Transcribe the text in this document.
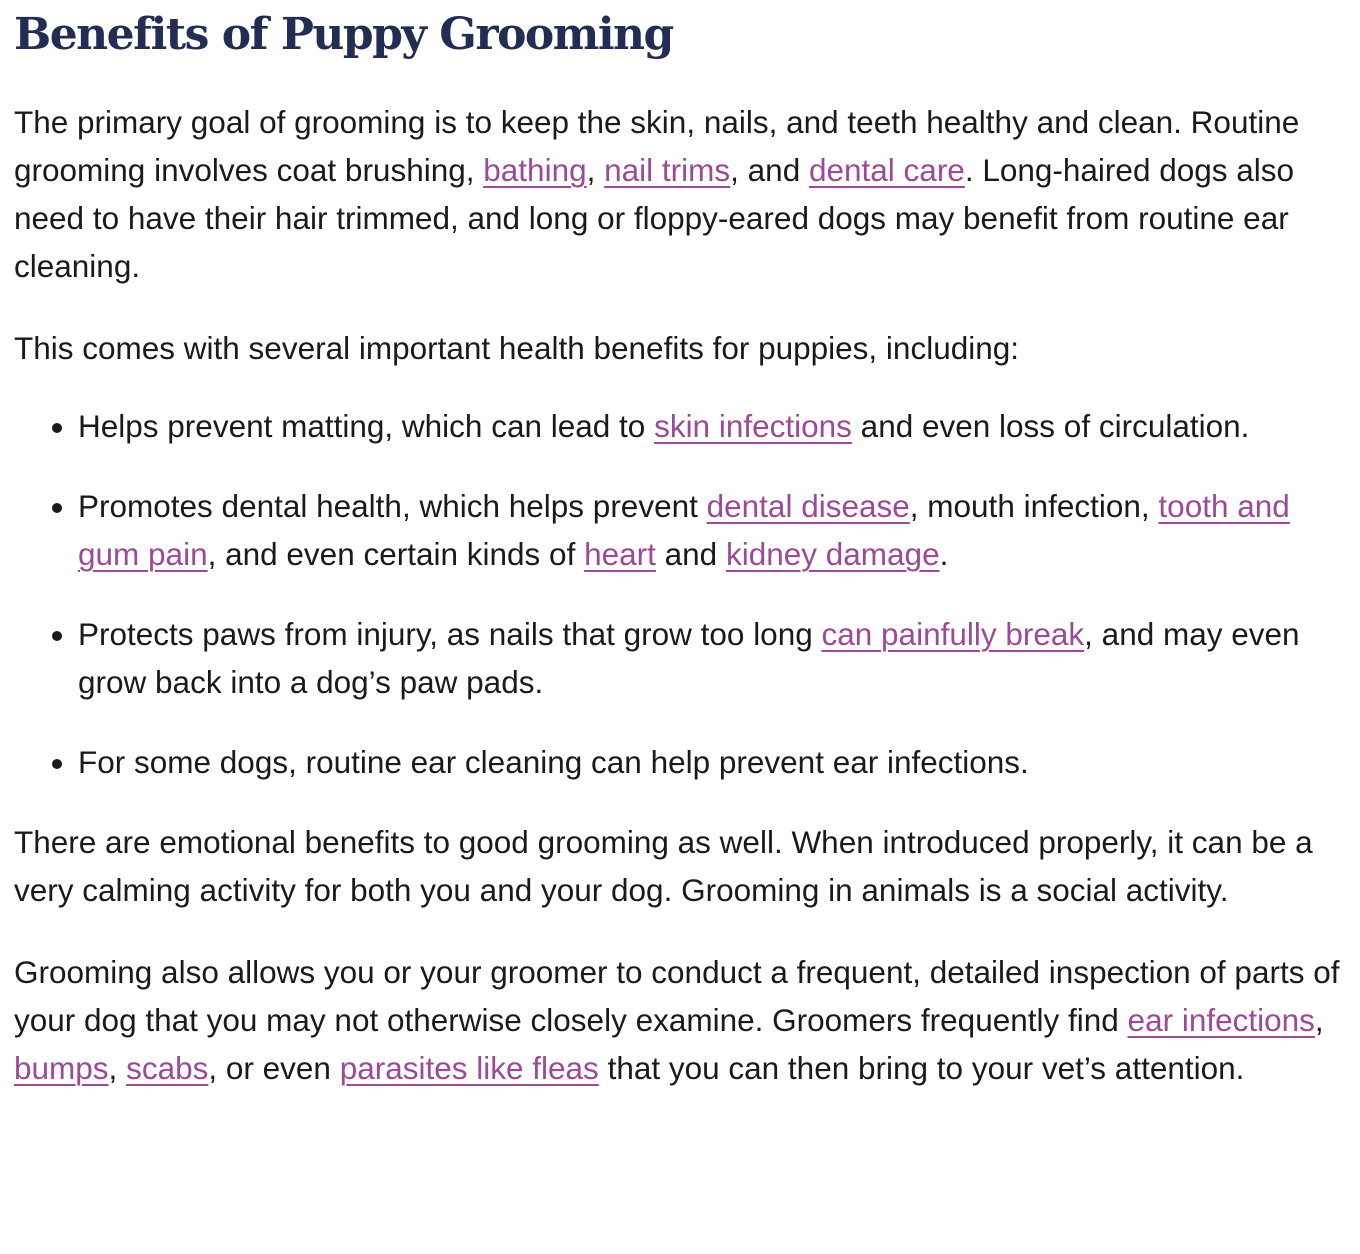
Benefits of Puppy Grooming

The primary goal of grooming is to keep the skin, nails, and teeth healthy and clean. Routine grooming involves coat brushing, bathing, nail trims, and dental care. Long-haired dogs also need to have their hair trimmed, and long or floppy-eared dogs may benefit from routine ear cleaning.

This comes with several important health benefits for puppies, including:

• Helps prevent matting, which can lead to skin infections and even loss of circulation.
• Promotes dental health, which helps prevent dental disease, mouth infection, tooth and gum pain, and even certain kinds of heart and kidney damage.
• Protects paws from injury, as nails that grow too long can painfully break, and may even grow back into a dog’s paw pads.
• For some dogs, routine ear cleaning can help prevent ear infections.

There are emotional benefits to good grooming as well. When introduced properly, it can be a very calming activity for both you and your dog. Grooming in animals is a social activity.

Grooming also allows you or your groomer to conduct a frequent, detailed inspection of parts of your dog that you may not otherwise closely examine. Groomers frequently find ear infections, bumps, scabs, or even parasites like fleas that you can then bring to your vet’s attention.
